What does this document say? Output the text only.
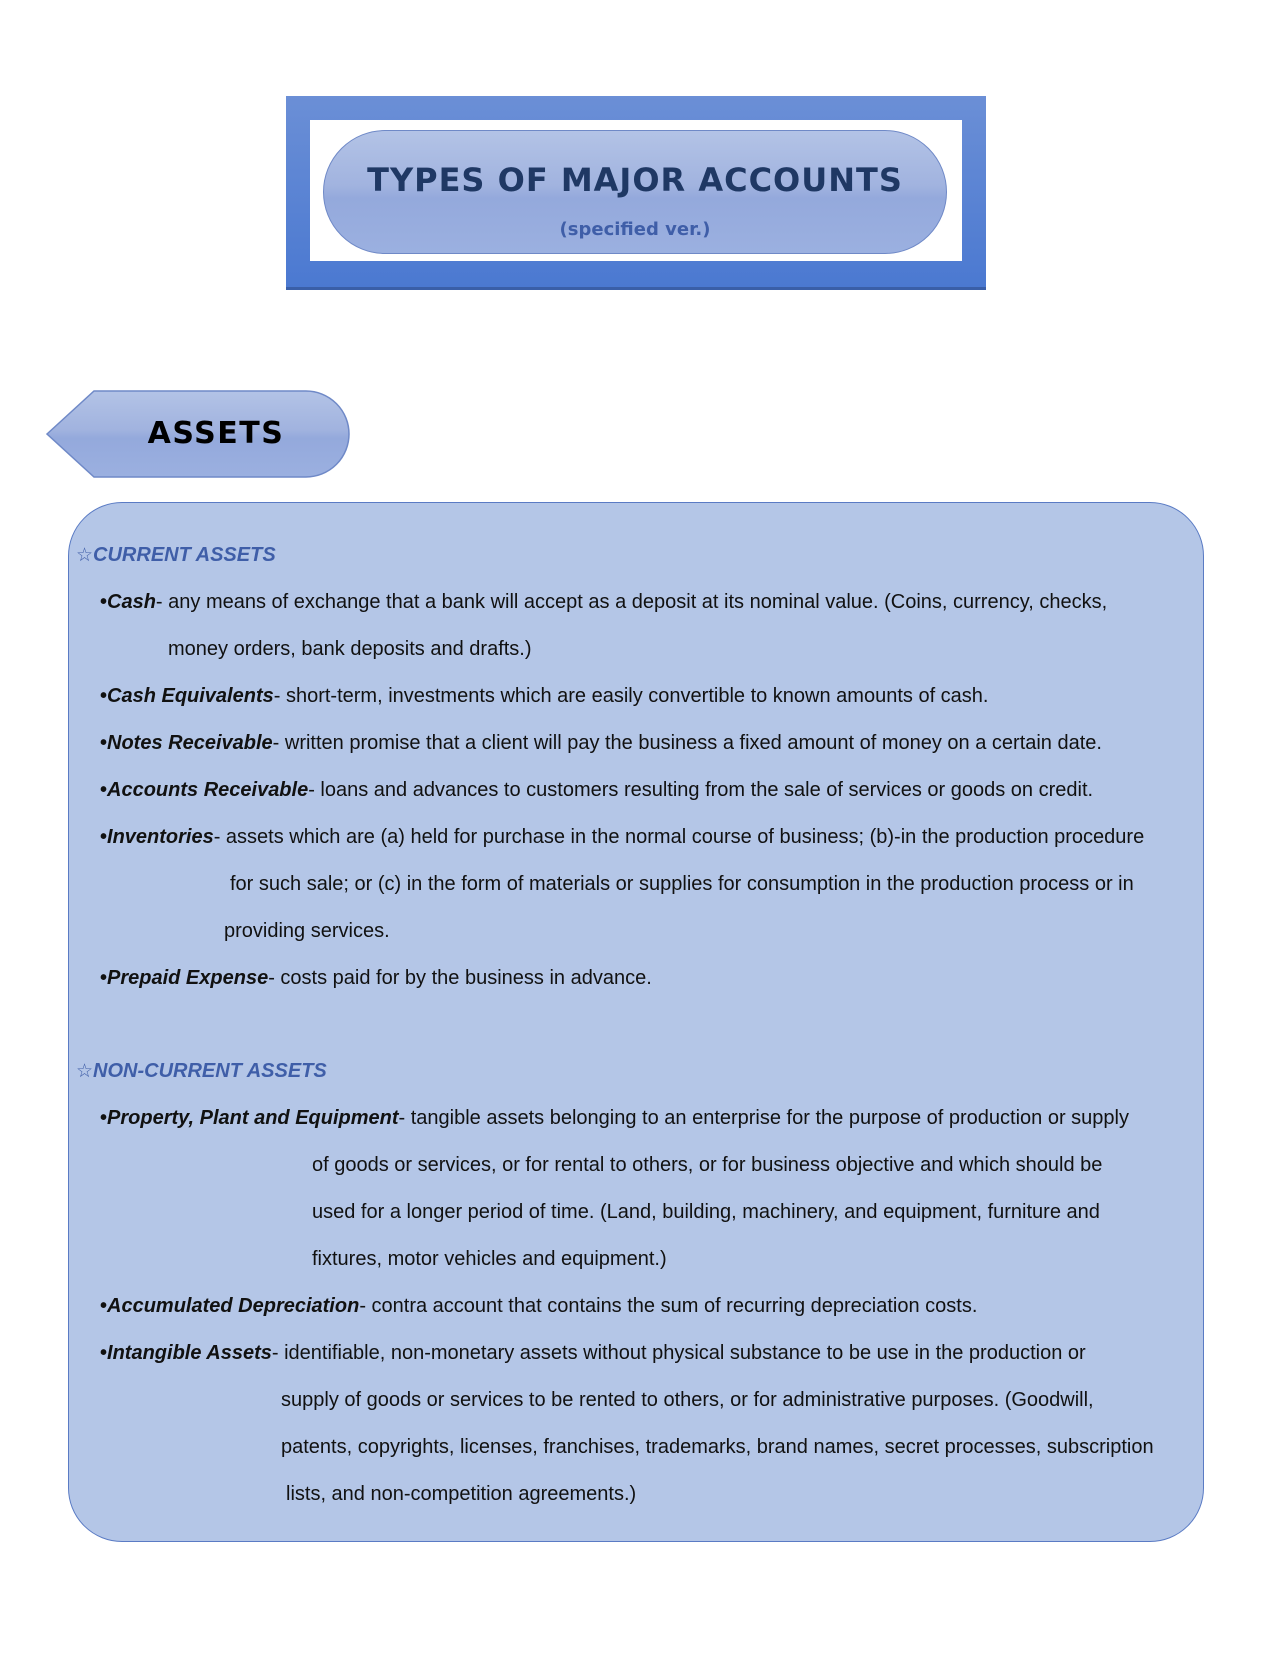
TYPES OF MAJOR ACCOUNTS
(specified ver.)
ASSETS
☆CURRENT ASSETS
•Cash- any means of exchange that a bank will accept as a deposit at its nominal value. (Coins, currency, checks,
money orders, bank deposits and drafts.)
•Cash Equivalents- short-term, investments which are easily convertible to known amounts of cash.
•Notes Receivable- written promise that a client will pay the business a fixed amount of money on a certain date.
•Accounts Receivable- loans and advances to customers resulting from the sale of services or goods on credit.
•Inventories- assets which are (a) held for purchase in the normal course of business; (b)-in the production procedure
for such sale; or (c) in the form of materials or supplies for consumption in the production process or in
providing services.
•Prepaid Expense- costs paid for by the business in advance.
☆NON-CURRENT ASSETS
•Property, Plant and Equipment- tangible assets belonging to an enterprise for the purpose of production or supply
of goods or services, or for rental to others, or for business objective and which should be
used for a longer period of time. (Land, building, machinery, and equipment, furniture and
fixtures, motor vehicles and equipment.)
•Accumulated Depreciation- contra account that contains the sum of recurring depreciation costs.
•Intangible Assets- identifiable, non-monetary assets without physical substance to be use in the production or
supply of goods or services to be rented to others, or for administrative purposes. (Goodwill,
patents, copyrights, licenses, franchises, trademarks, brand names, secret processes, subscription
lists, and non-competition agreements.)
